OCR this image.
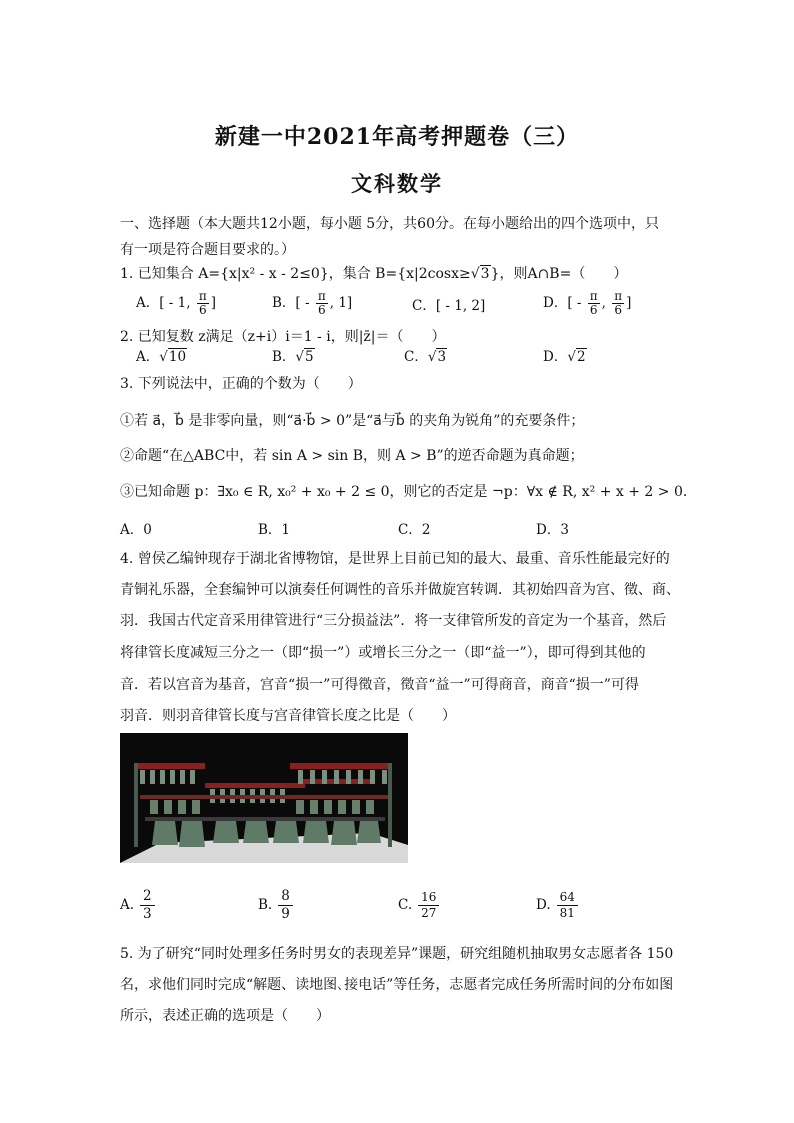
新建一中2021年高考押题卷（三）
文科数学
一、选择题（本大题共12小题，每小题 5分，共60分。在每小题给出的四个选项中，只
有一项是符合题目要求的。）
1. 已知集合 A={x|x² - x - 2≤0}，集合 B={x|2cosx≥√3}，则A∩B=（　　）
A．[ - 1, $\frac{\pi}{6}$ ]	B．[ - $\frac{\pi}{6}$ , 1]	C．[ - 1, 2]	D．[ - $\frac{\pi}{6}$ , $\frac{\pi}{6}$ ]
2. 已知复数 z满足（z+i）i＝1 - i，则|z̄|＝（　　）
A．√10	B．√5	C．√3	D．√2
3. 下列说法中，正确的个数为（　　）
①若 a⃗，b⃗ 是非零向量，则“a⃗·b⃗ > 0”是“a⃗与b⃗ 的夹角为锐角”的充要条件；
②命题“在△ABC中，若 sin A > sin B，则 A > B”的逆否命题为真命题；
③已知命题 p：∃x₀ ∈ R, x₀² + x₀ + 2 ≤ 0，则它的否定是 ¬p：∀x ∉ R, x² + x + 2 > 0．
A．0	B．1	C．2	D．3
4. 曾侯乙编钟现存于湖北省博物馆，是世界上目前已知的最大、最重、音乐性能最完好的
青铜礼乐器，全套编钟可以演奏任何调性的音乐并做旋宫转调．其初始四音为宫、徵、商、
羽．我国古代定音采用律管进行“三分损益法”．将一支律管所发的音定为一个基音，然后
将律管长度减短三分之一（即“损一”）或增长三分之一（即“益一”），即可得到其他的
音．若以宫音为基音，宫音“损一”可得徵音，徵音“益一”可得商音，商音“损一”可得
羽音．则羽音律管长度与宫音律管长度之比是（　　）
A. $\frac{2}{3}$	B. $\frac{8}{9}$	C. $\frac{16}{27}$	D. $\frac{64}{81}$
5. 为了研究“同时处理多任务时男女的表现差异”课题，研究组随机抽取男女志愿者各 150
名，求他们同时完成“解题、读地图､接电话”等任务，志愿者完成任务所需时间的分布如图
所示，表述正确的选项是（　　）
